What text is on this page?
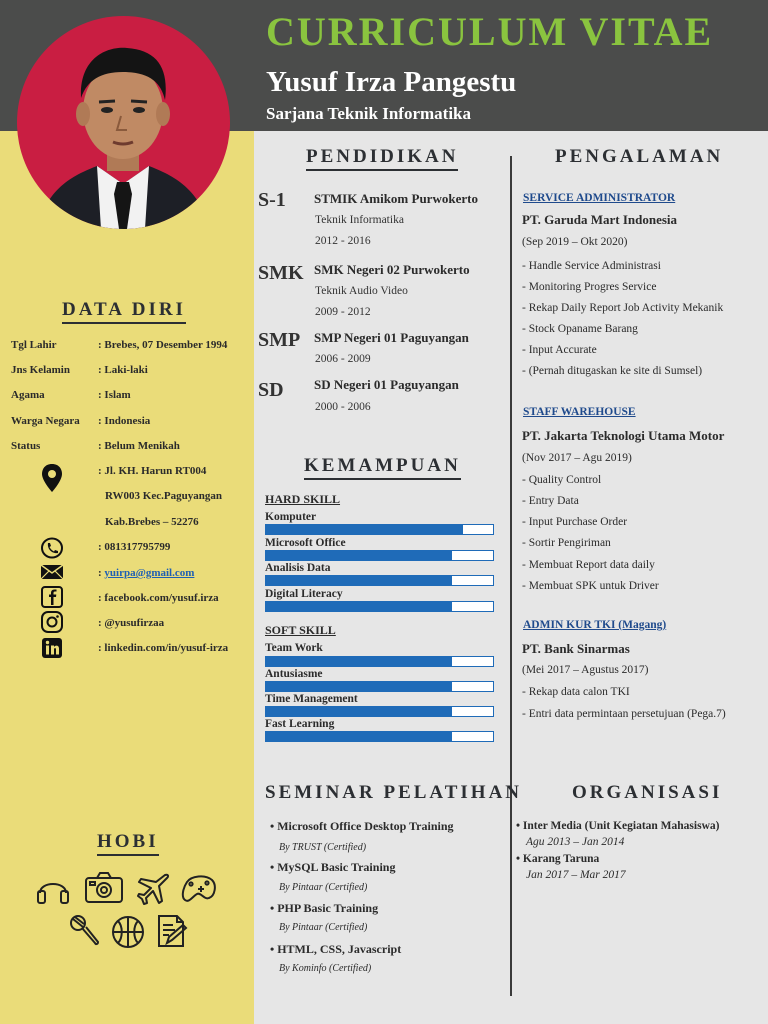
CURRICULUM VITAE
Yusuf Irza Pangestu
Sarjana Teknik Informatika
DATA DIRI
Tgl Lahir	: Brebes, 07 Desember 1994
Jns Kelamin	: Laki-laki
Agama	: Islam
Warga Negara : Indonesia
Status	: Belum Menikah
: Jl. KH. Harun RT004
RW003 Kec.Paguyangan
Kab.Brebes – 52276
: 081317795799
: yuirpa@gmail.com
: facebook.com/yusuf.irza
: @yusufirzaa
: linkedin.com/in/yusuf-irza
HOBI
PENDIDIKAN
S-1 STMIK Amikom Purwokerto
Teknik Informatika
2012 - 2016
SMK SMK Negeri 02 Purwokerto
Teknik Audio Video
2009 - 2012
SMP SMP Negeri 01 Paguyangan
2006 - 2009
SD SD Negeri 01 Paguyangan
2000 - 2006
KEMAMPUAN
HARD SKILL
Komputer
Microsoft Office
Analisis Data
Digital Literacy
SOFT SKILL
Team Work
Antusiasme
Time Management
Fast Learning
PENGALAMAN
SERVICE ADMINISTRATOR
PT. Garuda Mart Indonesia
(Sep 2019 – Okt 2020)
- Handle Service Administrasi
- Monitoring Progres Service
- Rekap Daily Report Job Activity Mekanik
- Stock Opaname Barang
- Input Accurate
- (Pernah ditugaskan ke site di Sumsel)
STAFF WAREHOUSE
PT. Jakarta Teknologi Utama Motor
(Nov 2017 – Agu 2019)
- Quality Control
- Entry Data
- Input Purchase Order
- Sortir Pengiriman
- Membuat Report data daily
- Membuat SPK untuk Driver
ADMIN KUR TKI (Magang)
PT. Bank Sinarmas
(Mei 2017 – Agustus 2017)
- Rekap data calon TKI
- Entri data permintaan persetujuan (Pega.7)
SEMINAR PELATIHAN
• Microsoft Office Desktop Training
By TRUST (Certified)
• MySQL Basic Training
By Pintaar (Certified)
• PHP Basic Training
By Pintaar (Certified)
• HTML, CSS, Javascript
By Kominfo (Certified)
ORGANISASI
• Inter Media (Unit Kegiatan Mahasiswa)
Agu 2013 – Jan 2014
• Karang Taruna
Jan 2017 – Mar 2017
